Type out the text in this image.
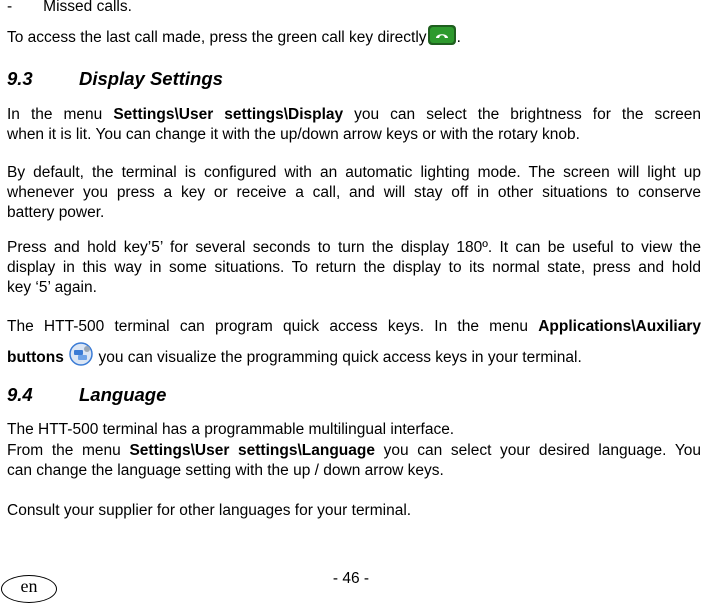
- Missed calls.
To access the last call made, press the green call key directly .
9.3	Display Settings
In the menu Settings\User settings\Display you can select the brightness for the screen
when it is lit. You can change it with the up/down arrow keys or with the rotary knob.
By default, the terminal is configured with an automatic lighting mode. The screen will light up
whenever you press a key or receive a call, and will stay off in other situations to conserve
battery power.
Press and hold key’5’ for several seconds to turn the display 180º. It can be useful to view the
display in this way in some situations. To return the display to its normal state, press and hold
key ‘5’ again.
The HTT-500 terminal can program quick access keys. In the menu Applications\Auxiliary
buttons you can visualize the programming quick access keys in your terminal.
9.4	Language
The HTT-500 terminal has a programmable multilingual interface.
From the menu Settings\User settings\Language you can select your desired language. You
can change the language setting with the up / down arrow keys.
Consult your supplier for other languages for your terminal.
- 46 -
en
